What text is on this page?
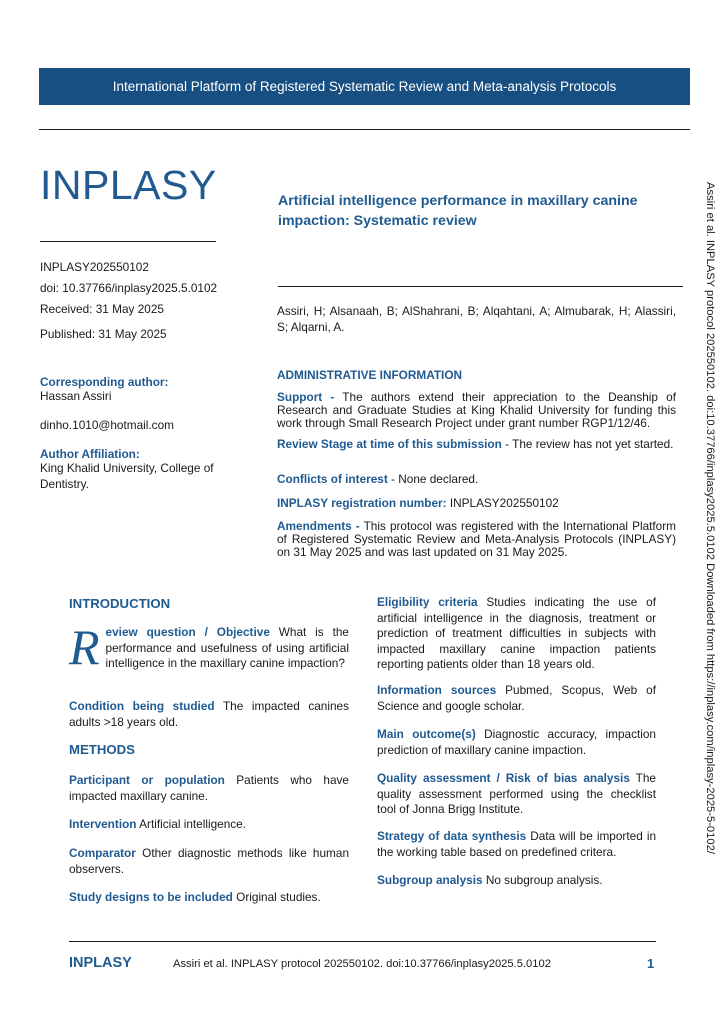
International Platform of Registered Systematic Review and Meta-analysis Protocols
INPLASY
INPLASY202550102
doi: 10.37766/inplasy2025.5.0102
Received: 31 May 2025
Published: 31 May 2025
Artificial intelligence performance in maxillary canine impaction: Systematic review
Assiri, H; Alsanaah, B; AlShahrani, B; Alqahtani, A; Almubarak, H; Alassiri, S; Alqarni, A.
Corresponding author:
Hassan Assiri
dinho.1010@hotmail.com
Author Affiliation:
King Khalid University, College of Dentistry.
ADMINISTRATIVE INFORMATION
Support - The authors extend their appreciation to the Deanship of Research and Graduate Studies at King Khalid University for funding this work through Small Research Project under grant number RGP1/12/46.
Review Stage at time of this submission - The review has not yet started.
Conflicts of interest - None declared.
INPLASY registration number: INPLASY202550102
Amendments - This protocol was registered with the International Platform of Registered Systematic Review and Meta-Analysis Protocols (INPLASY) on 31 May 2025 and was last updated on 31 May 2025.
INTRODUCTION

Review question / Objective What is the performance and usefulness of using artificial intelligence in the maxillary canine impaction?

Condition being studied The impacted canines adults >18 years old.

METHODS

Participant or population Patients who have impacted maxillary canine.

Intervention Artificial intelligence.

Comparator Other diagnostic methods like human observers.

Study designs to be included Original studies.

Eligibility criteria Studies indicating the use of artificial intelligence in the diagnosis, treatment or prediction of treatment difficulties in subjects with impacted maxillary canine impaction patients reporting patients older than 18 years old.

Information sources Pubmed, Scopus, Web of Science and google scholar.

Main outcome(s) Diagnostic accuracy, impaction prediction of maxillary canine impaction.

Quality assessment / Risk of bias analysis The quality assessment performed using the checklist tool of Jonna Brigg Institute.

Strategy of data synthesis Data will be imported in the working table based on predefined critera.

Subgroup analysis No subgroup analysis.

Assiri et al. INPLASY protocol 202550102. doi:10.37766/inplasy2025.5.0102 Downloaded from https://inplasy.com/inplasy-2025-5-0102/
INPLASY	Assiri et al. INPLASY protocol 202550102. doi:10.37766/inplasy2025.5.0102	1
